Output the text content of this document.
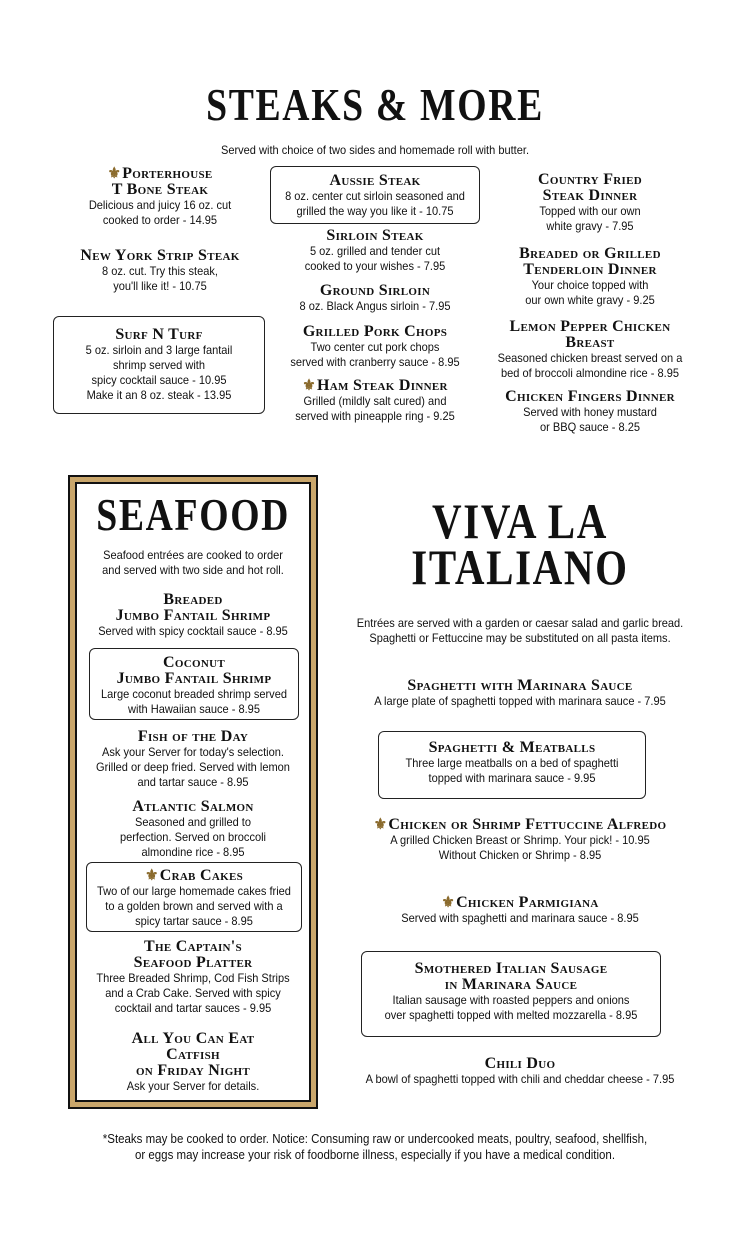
STEAKS & MORE
Served with choice of two sides and homemade roll with butter.
⚜Porterhouse
T Bone Steak
Delicious and juicy 16 oz. cut
cooked to order - 14.95
New York Strip Steak
8 oz. cut. Try this steak,
you'll like it! - 10.75
Surf N Turf
5 oz. sirloin and 3 large fantail
shrimp served with
spicy cocktail sauce - 10.95
Make it an 8 oz. steak - 13.95
Aussie Steak
8 oz. center cut sirloin seasoned and
grilled the way you like it - 10.75
Sirloin Steak
5 oz. grilled and tender cut
cooked to your wishes - 7.95
Ground Sirloin
8 oz. Black Angus sirloin - 7.95
Grilled Pork Chops
Two center cut pork chops
served with cranberry sauce - 8.95
⚜Ham Steak Dinner
Grilled (mildly salt cured) and
served with pineapple ring - 9.25
Country Fried
Steak Dinner
Topped with our own
white gravy - 7.95
Breaded or Grilled
Tenderloin Dinner
Your choice topped with
our own white gravy - 9.25
Lemon Pepper Chicken
Breast
Seasoned chicken breast served on a
bed of broccoli almondine rice - 8.95
Chicken Fingers Dinner
Served with honey mustard
or BBQ sauce - 8.25
SEAFOOD
Seafood entrées are cooked to order
and served with two side and hot roll.
Breaded
Jumbo Fantail Shrimp
Served with spicy cocktail sauce - 8.95
Coconut
Jumbo Fantail Shrimp
Large coconut breaded shrimp served
with Hawaiian sauce - 8.95
Fish of the Day
Ask your Server for today's selection.
Grilled or deep fried. Served with lemon
and tartar sauce - 8.95
Atlantic Salmon
Seasoned and grilled to
perfection. Served on broccoli
almondine rice - 8.95
⚜Crab Cakes
Two of our large homemade cakes fried
to a golden brown and served with a
spicy tartar sauce - 8.95
The Captain's
Seafood Platter
Three Breaded Shrimp, Cod Fish Strips
and a Crab Cake. Served with spicy
cocktail and tartar sauces - 9.95
All You Can Eat
Catfish
on Friday Night
Ask your Server for details.
VIVA LA
ITALIANO
Entrées are served with a garden or caesar salad and garlic bread.
Spaghetti or Fettuccine may be substituted on all pasta items.
Spaghetti with Marinara Sauce
A large plate of spaghetti topped with marinara sauce - 7.95
Spaghetti & Meatballs
Three large meatballs on a bed of spaghetti
topped with marinara sauce - 9.95
⚜Chicken or Shrimp Fettuccine Alfredo
A grilled Chicken Breast or Shrimp. Your pick! - 10.95
Without Chicken or Shrimp - 8.95
⚜Chicken Parmigiana
Served with spaghetti and marinara sauce - 8.95
Smothered Italian Sausage
in Marinara Sauce
Italian sausage with roasted peppers and onions
over spaghetti topped with melted mozzarella - 8.95
Chili Duo
A bowl of spaghetti topped with chili and cheddar cheese - 7.95
*Steaks may be cooked to order. Notice: Consuming raw or undercooked meats, poultry, seafood, shellfish,
or eggs may increase your risk of foodborne illness, especially if you have a medical condition.
